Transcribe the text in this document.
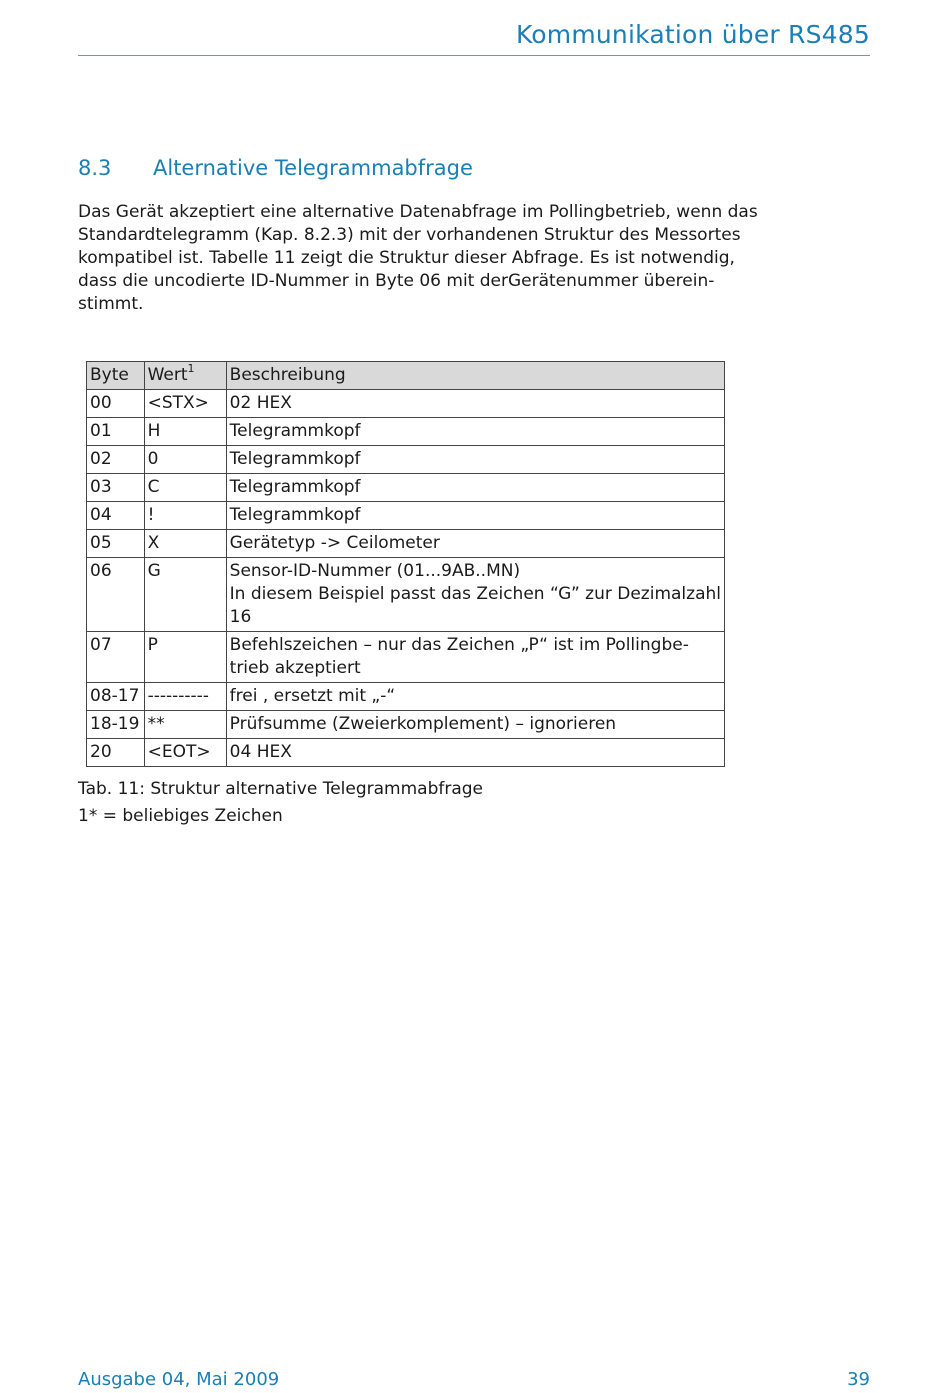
Kommunikation über RS485
8.3 Alternative Telegrammabfrage
Das Gerät akzeptiert eine alternative Datenabfrage im Pollingbetrieb, wenn das
Standardtelegramm (Kap. 8.2.3) mit der vorhandenen Struktur des Messortes
kompatibel ist. Tabelle 11 zeigt die Struktur dieser Abfrage. Es ist notwendig,
dass die uncodierte ID-Nummer in Byte 06 mit derGerätenummer überein-
stimmt.
Byte	Wert$^1$	Beschreibung
00	<STX>	02 HEX

01	H	Telegrammkopf

02	0	Telegrammkopf

03	C	Telegrammkopf

04	!	Telegrammkopf

05	X	Gerätetyp -> Ceilometer

06	G	Sensor-ID-Nummer (01...9AB..MN)
In diesem Beispiel passt das Zeichen “G” zur Dezimalzahl
16

07	P	Befehlszeichen – nur das Zeichen „P“ ist im Pollingbe-
trieb akzeptiert

08-17	----------	frei , ersetzt mit „-“

18-19	**	Prüfsumme (Zweierkomplement) – ignorieren

20	<EOT>	04 HEX
Tab. 11: Struktur alternative Telegrammabfrage
1* = beliebiges Zeichen
Ausgabe 04, Mai 2009	39
